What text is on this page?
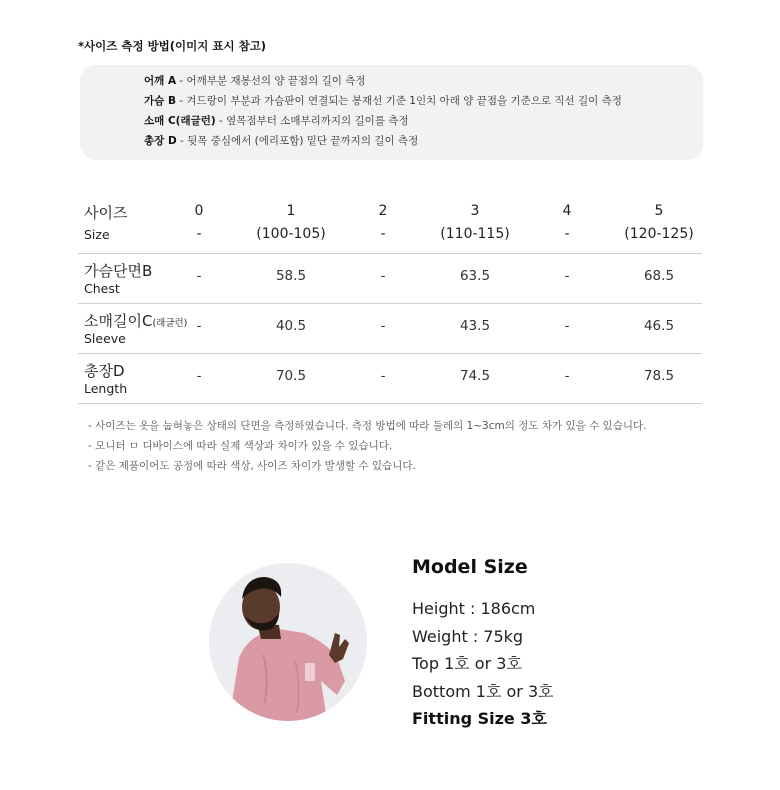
*사이즈 측정 방법(이미지 표시 참고)
어깨 A - 어깨부분 재봉선의 양 끝점의 길이 측정
가슴 B - 겨드랑이 부분과 가슴판이 연결되는 봉재선 기준 1인치 아래 양 끝점을 기준으로 직선 길이 측정
소매 C(래글런) - 옆목점부터 소매부리까지의 길이를 측정
총장 D - 뒷목 중심에서 (에리포함) 밑단 끝까지의 길이 측정
사이즈
Size
0	1	2	3	4	5
-	(100-105)	-	(110-115)	-	(120-125)
가슴단면B
Chest
-	58.5	-	63.5	-	68.5
소매길이C(래글런)
Sleeve
-	40.5	-	43.5	-	46.5
총장D
Length
-	70.5	-	74.5	-	78.5
- 사이즈는 옷을 눕혀놓은 상태의 단면을 측정하였습니다. 측정 방법에 따라 둘레의 1~3cm의 정도 차가 있을 수 있습니다.
- 모니터 ㅁ 디바이스에 따라 실제 색상과 차이가 있을 수 있습니다.
- 같은 제품이어도 공정에 따라 색상, 사이즈 차이가 발생할 수 있습니다.
Model Size
Height : 186cm
Weight : 75kg
Top 1호 or 3호
Bottom 1호 or 3호
Fitting Size 3호
